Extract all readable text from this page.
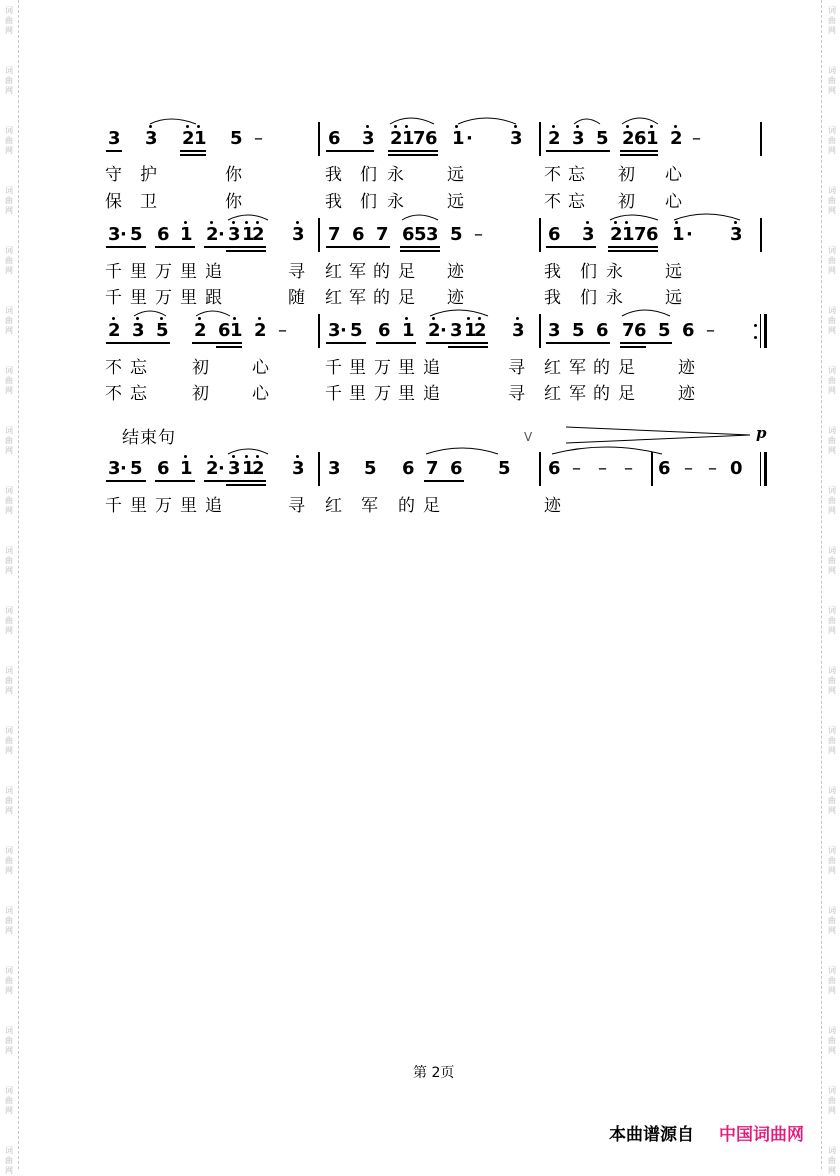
词
曲
网
词
曲
网
词
曲
网
词
曲
网
词
曲
网
词
曲
网
词
曲
网
词
曲
网
词
曲
网
词
曲
网
词
曲
网
词
曲
网
词
曲
网
词
曲
网
词
曲
网
词
曲
网
词
曲
网
词
曲
网
词
曲
网
词
曲
网
词
曲
网
词
曲
网
词
曲
网
词
曲
网
词
曲
网
词
曲
网
词
曲
网
词
曲
网
词
曲
网
词
曲
网
词
曲
网
词
曲
网
词
曲
网
词
曲
网
词
曲
网
词
曲
网
词
曲
网
词
曲
网
词
曲
网
词
曲
网
3 3 2 1 5 –	6 3 2 1
7 6 1 · 3 2 3 5 2 6 1 2 –
守 护	你	我 们 永 远	不 忘 初 心
保 卫	你	我 们 永 远	不 忘 初 心
3 · 5 6 1 2 · 3 1
2 3 7 6 7 6 5 3 5 –	6 3 2 1 7 6 1 · 3
千 里 万 里 追	寻 红 军 的 足 迹	我 们 永 远
千 里 万 里 跟	随 红 军 的 足 迹	我 们 永 远
2 3 5 2 6 1 2 – 3 · 5 6 1 2 · 3 1
2 3 3 5 6 7 6 5 6 –
不 忘	初 心	千 里 万 里 追	寻 红 军 的 足 迹
不 忘	初 心	千 里 万 里 追	寻 红 军 的 足 迹
结束句	V	p
3 · 5 6 1 2 · 3 1
2 3 3 5 6 7 6 5 6 – – – 6 – – 0
千 里 万 里 追	寻 红 军 的 足	迹
第 2页
本曲谱源自 中国词曲网
